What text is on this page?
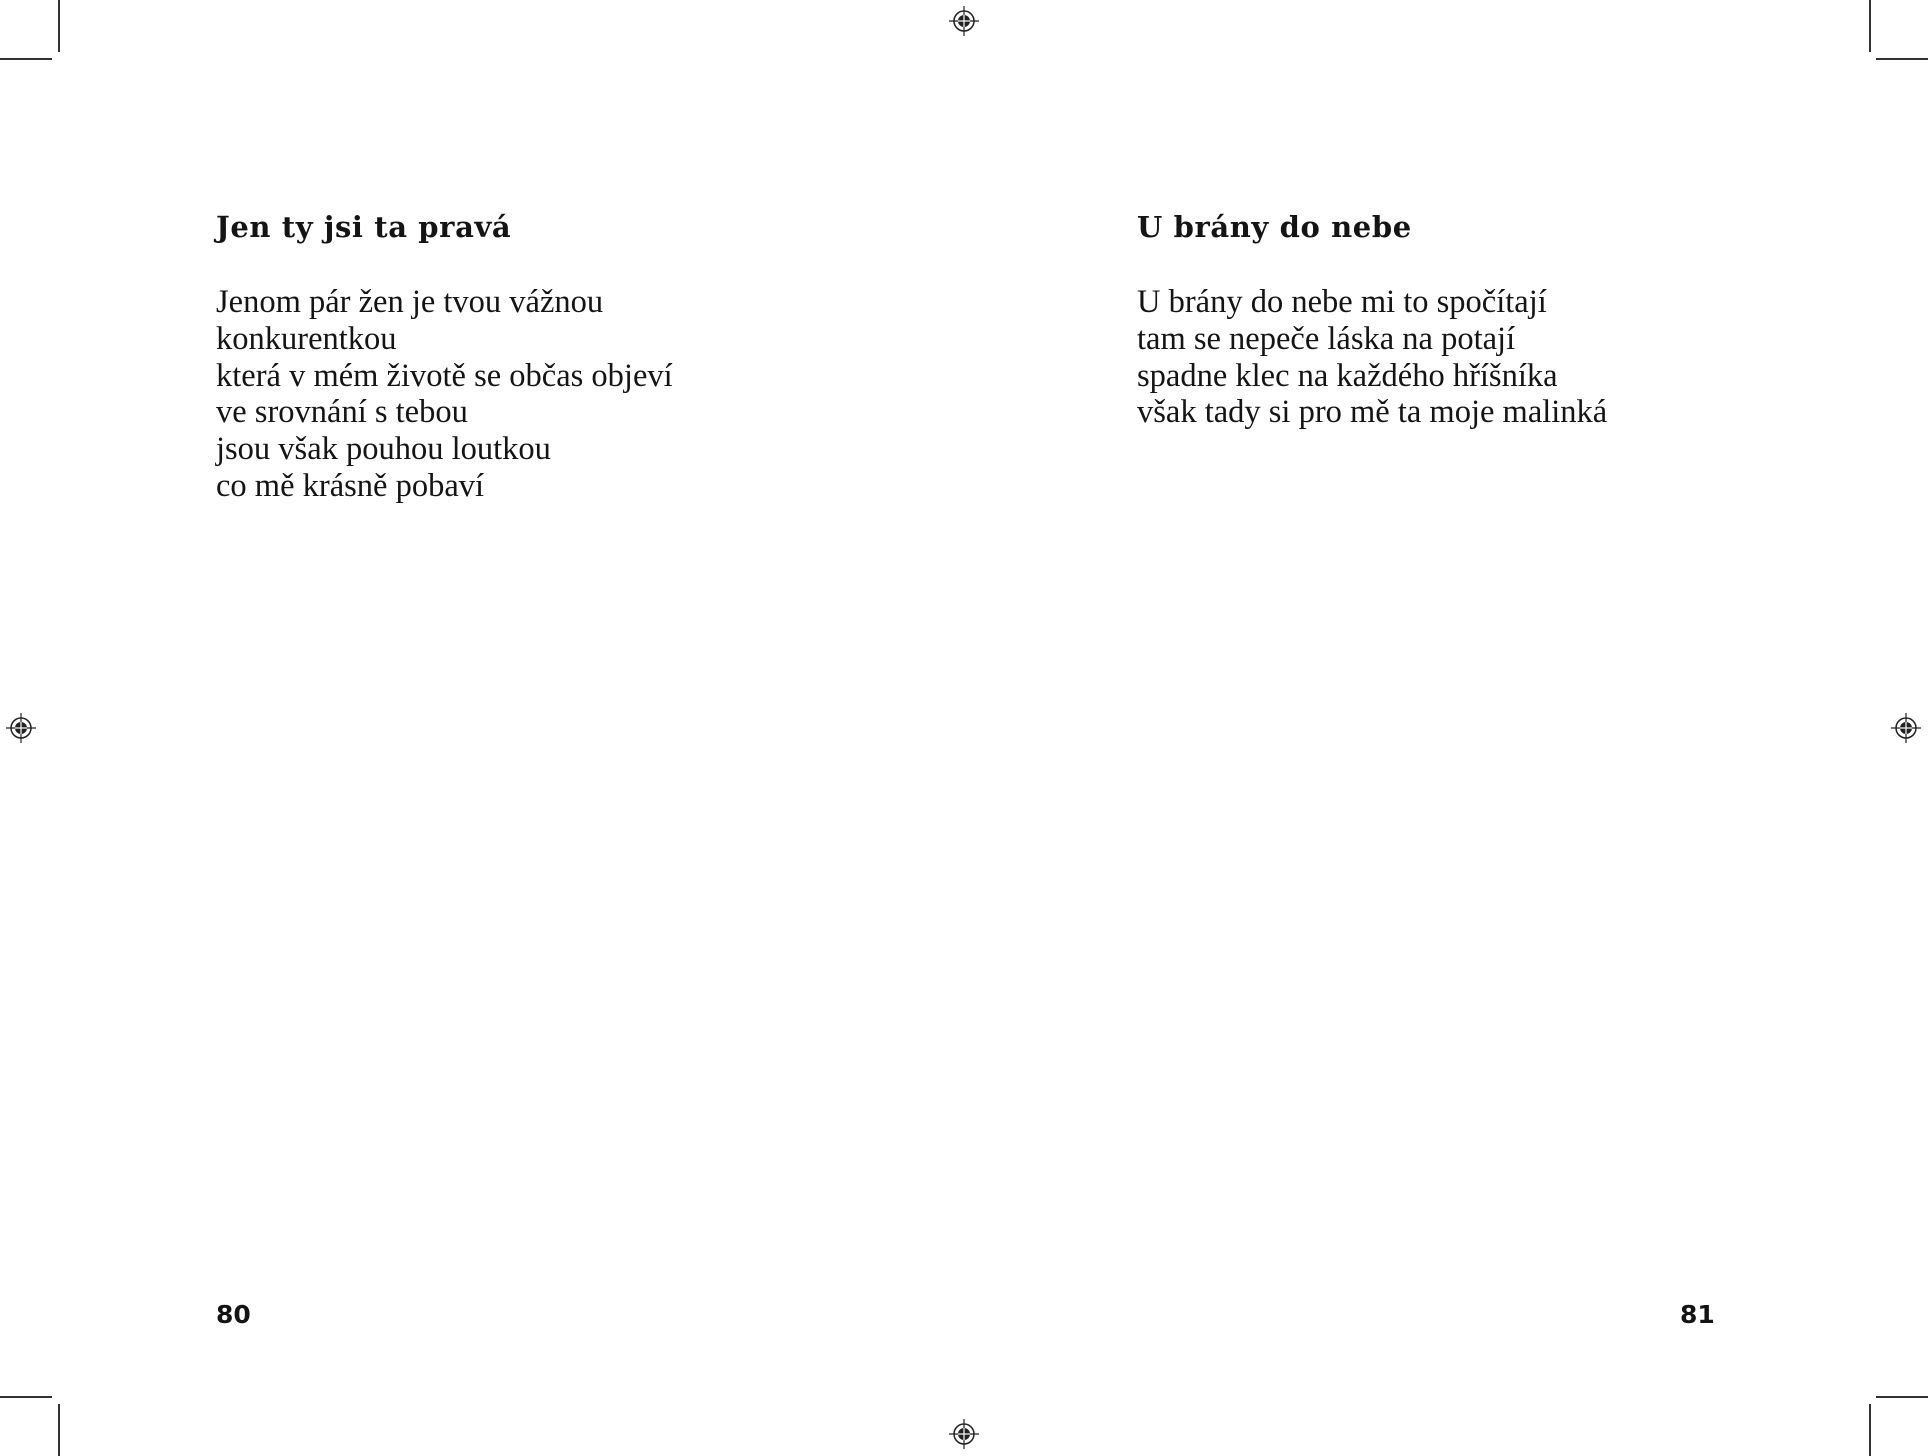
Jen ty jsi ta pravá
Jenom pár žen je tvou vážnou
konkurentkou
která v mém životě se občas objeví
ve srovnání s tebou
jsou však pouhou loutkou
co mě krásně pobaví
80
U brány do nebe
U brány do nebe mi to spočítají
tam se nepeče láska na potají
spadne klec na každého hříšníka
však tady si pro mě ta moje malinká
81
